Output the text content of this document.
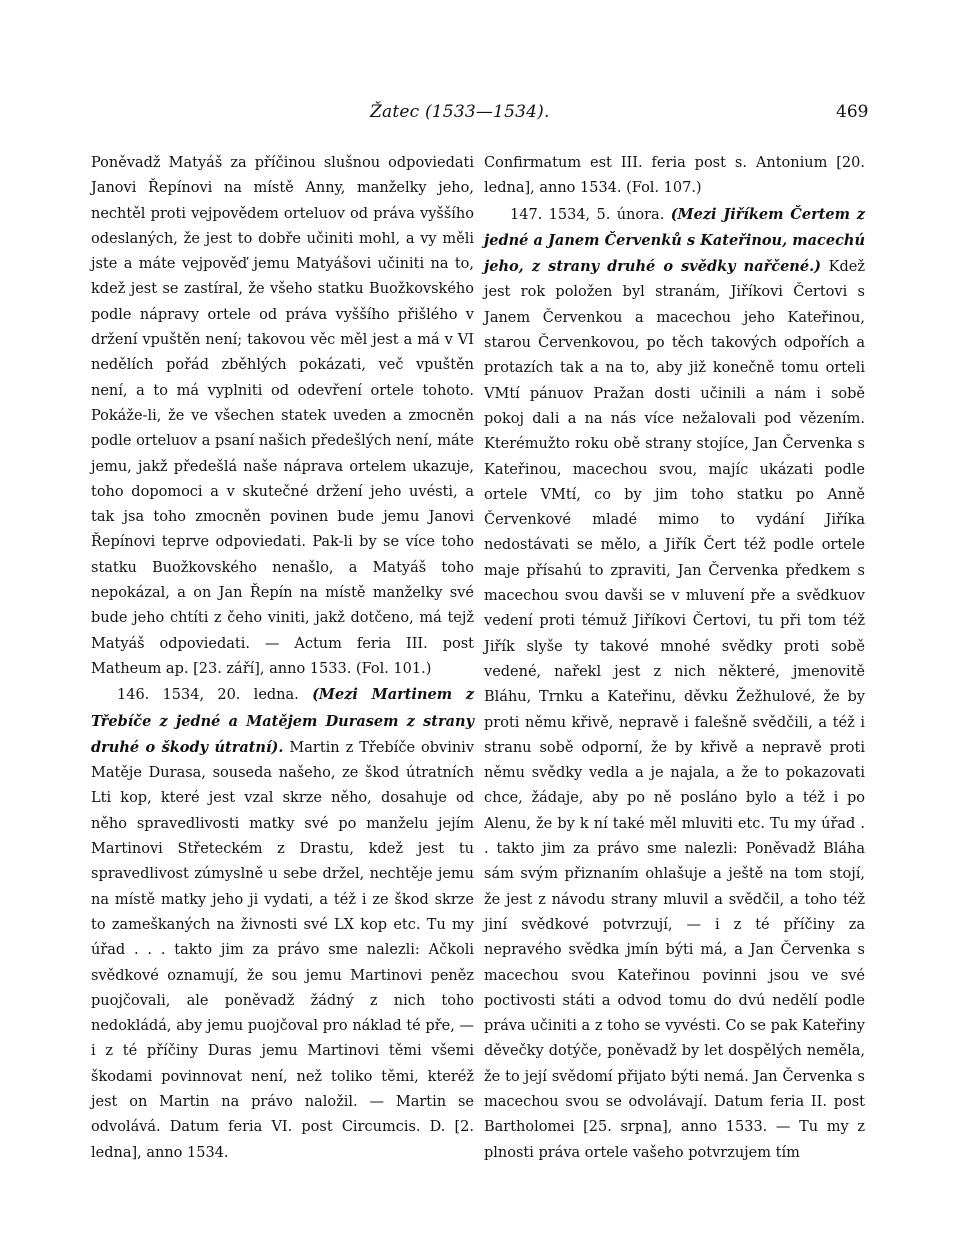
Žatec (1533—1534).	469

Poněvadž Matyáš za příčinou slušnou odpoviedati Janovi Řepínovi na místě Anny, manželky jeho, nechtěl proti vejpovědem orteluov od práva vyššího odeslaných, že jest to dobře učiniti mohl, a vy měli jste a máte vejpověď jemu Matyášovi učiniti na to, kdež jest se zastíral, že všeho statku Buožkovského podle nápravy ortele od práva vyššího přišlého v držení vpuštěn není; takovou věc měl jest a má v VI nedělích pořád zběhlých pokázati, več vpuštěn není, a to má vyplniti od odevření ortele tohoto. Pokáže-li, že ve všechen statek uveden a zmocněn podle orteluov a psaní našich předešlých není, máte jemu, jakž předešlá naše náprava ortelem ukazuje, toho dopomoci a v skutečné držení jeho uvésti, a tak jsa toho zmocněn povinen bude jemu Janovi Řepínovi teprve odpoviedati. Pak-li by se více toho statku Buožkovského nenašlo, a Matyáš toho nepokázal, a on Jan Řepín na místě manželky své bude jeho chtíti z čeho viniti, jakž dotčeno, má tejž Matyáš odpoviedati. — Actum feria III. post Matheum ap. [23. září], anno 1533. (Fol. 101.)

146. 1534, 20. ledna. (Mezi Martinem z Třebíče z jedné a Matějem Durasem z strany druhé o škody útratní). Martin z Třebíče obviniv Matěje Durasa, souseda našeho, ze škod útratních Lti kop, které jest vzal skrze něho, dosahuje od něho spravedlivosti matky své po manželu jejím Martinovi Střeteckém z Drastu, kdež jest tu spravedlivost zúmyslně u sebe držel, nechtěje jemu na místě matky jeho ji vydati, a též i ze škod skrze to zameškaných na živnosti své LX kop etc. Tu my úřad . . . takto jim za právo sme nalezli: Ačkoli svědkové oznamují, že sou jemu Martinovi peněz puojčovali, ale poněvadž žádný z nich toho nedokládá, aby jemu puojčoval pro náklad té pře, — i z té příčiny Duras jemu Martinovi těmi všemi škodami povinnovat není, než toliko těmi, kteréž jest on Martin na právo naložil. — Martin se odvolává. Datum feria VI. post Circumcis. D. [2. ledna], anno 1534.

Confirmatum est III. feria post s. Antonium [20. ledna], anno 1534. (Fol. 107.)

147. 1534, 5. února. (Mezi Jiříkem Čertem z jedné a Janem Červenků s Kateřinou, macechú jeho, z strany druhé o svědky nařčené.) Kdež jest rok položen byl stranám, Jiříkovi Čertovi s Janem Červenkou a macechou jeho Kateřinou, starou Červenkovou, po těch takových odpořích a protazích tak a na to, aby již konečně tomu orteli VMtí pánuov Pražan dosti učinili a nám i sobě pokoj dali a na nás více nežalovali pod vězením. Kterémužto roku obě strany stojíce, Jan Červenka s Kateřinou, macechou svou, majíc ukázati podle ortele VMtí, co by jim toho statku po Anně Červenkové mladé mimo to vydání Jiříka nedostávati se mělo, a Jiřík Čert též podle ortele maje přísahú to zpraviti, Jan Červenka předkem s macechou svou davši se v mluvení pře a svědkuov vedení proti témuž Jiříkovi Čertovi, tu při tom též Jiřík slyše ty takové mnohé svědky proti sobě vedené, nařekl jest z nich některé, jmenovitě Bláhu, Trnku a Kateřinu, děvku Žežhulové, že by proti němu křivě, nepravě i falešně svědčili, a též i stranu sobě odporní, že by křivě a nepravě proti němu svědky vedla a je najala, a že to pokazovati chce, žádaje, aby po ně posláno bylo a též i po Alenu, že by k ní také měl mluviti etc. Tu my úřad . . takto jim za právo sme nalezli: Poněvadž Bláha sám svým přiznaním ohlašuje a ještě na tom stojí, že jest z návodu strany mluvil a svědčil, a toho též jiní svědkové potvrzují, — i z té příčiny za nepravého svědka jmín býti má, a Jan Červenka s macechou svou Kateřinou povinni jsou ve své poctivosti státi a odvod tomu do dvú nedělí podle práva učiniti a z toho se vyvésti. Co se pak Kateřiny děvečky dotýče, poněvadž by let dospělých neměla, že to její svědomí přijato býti nemá. Jan Červenka s macechou svou se odvolávají. Datum feria II. post Bartholomei [25. srpna], anno 1533. — Tu my z plnosti práva ortele vašeho potvrzujem tím
